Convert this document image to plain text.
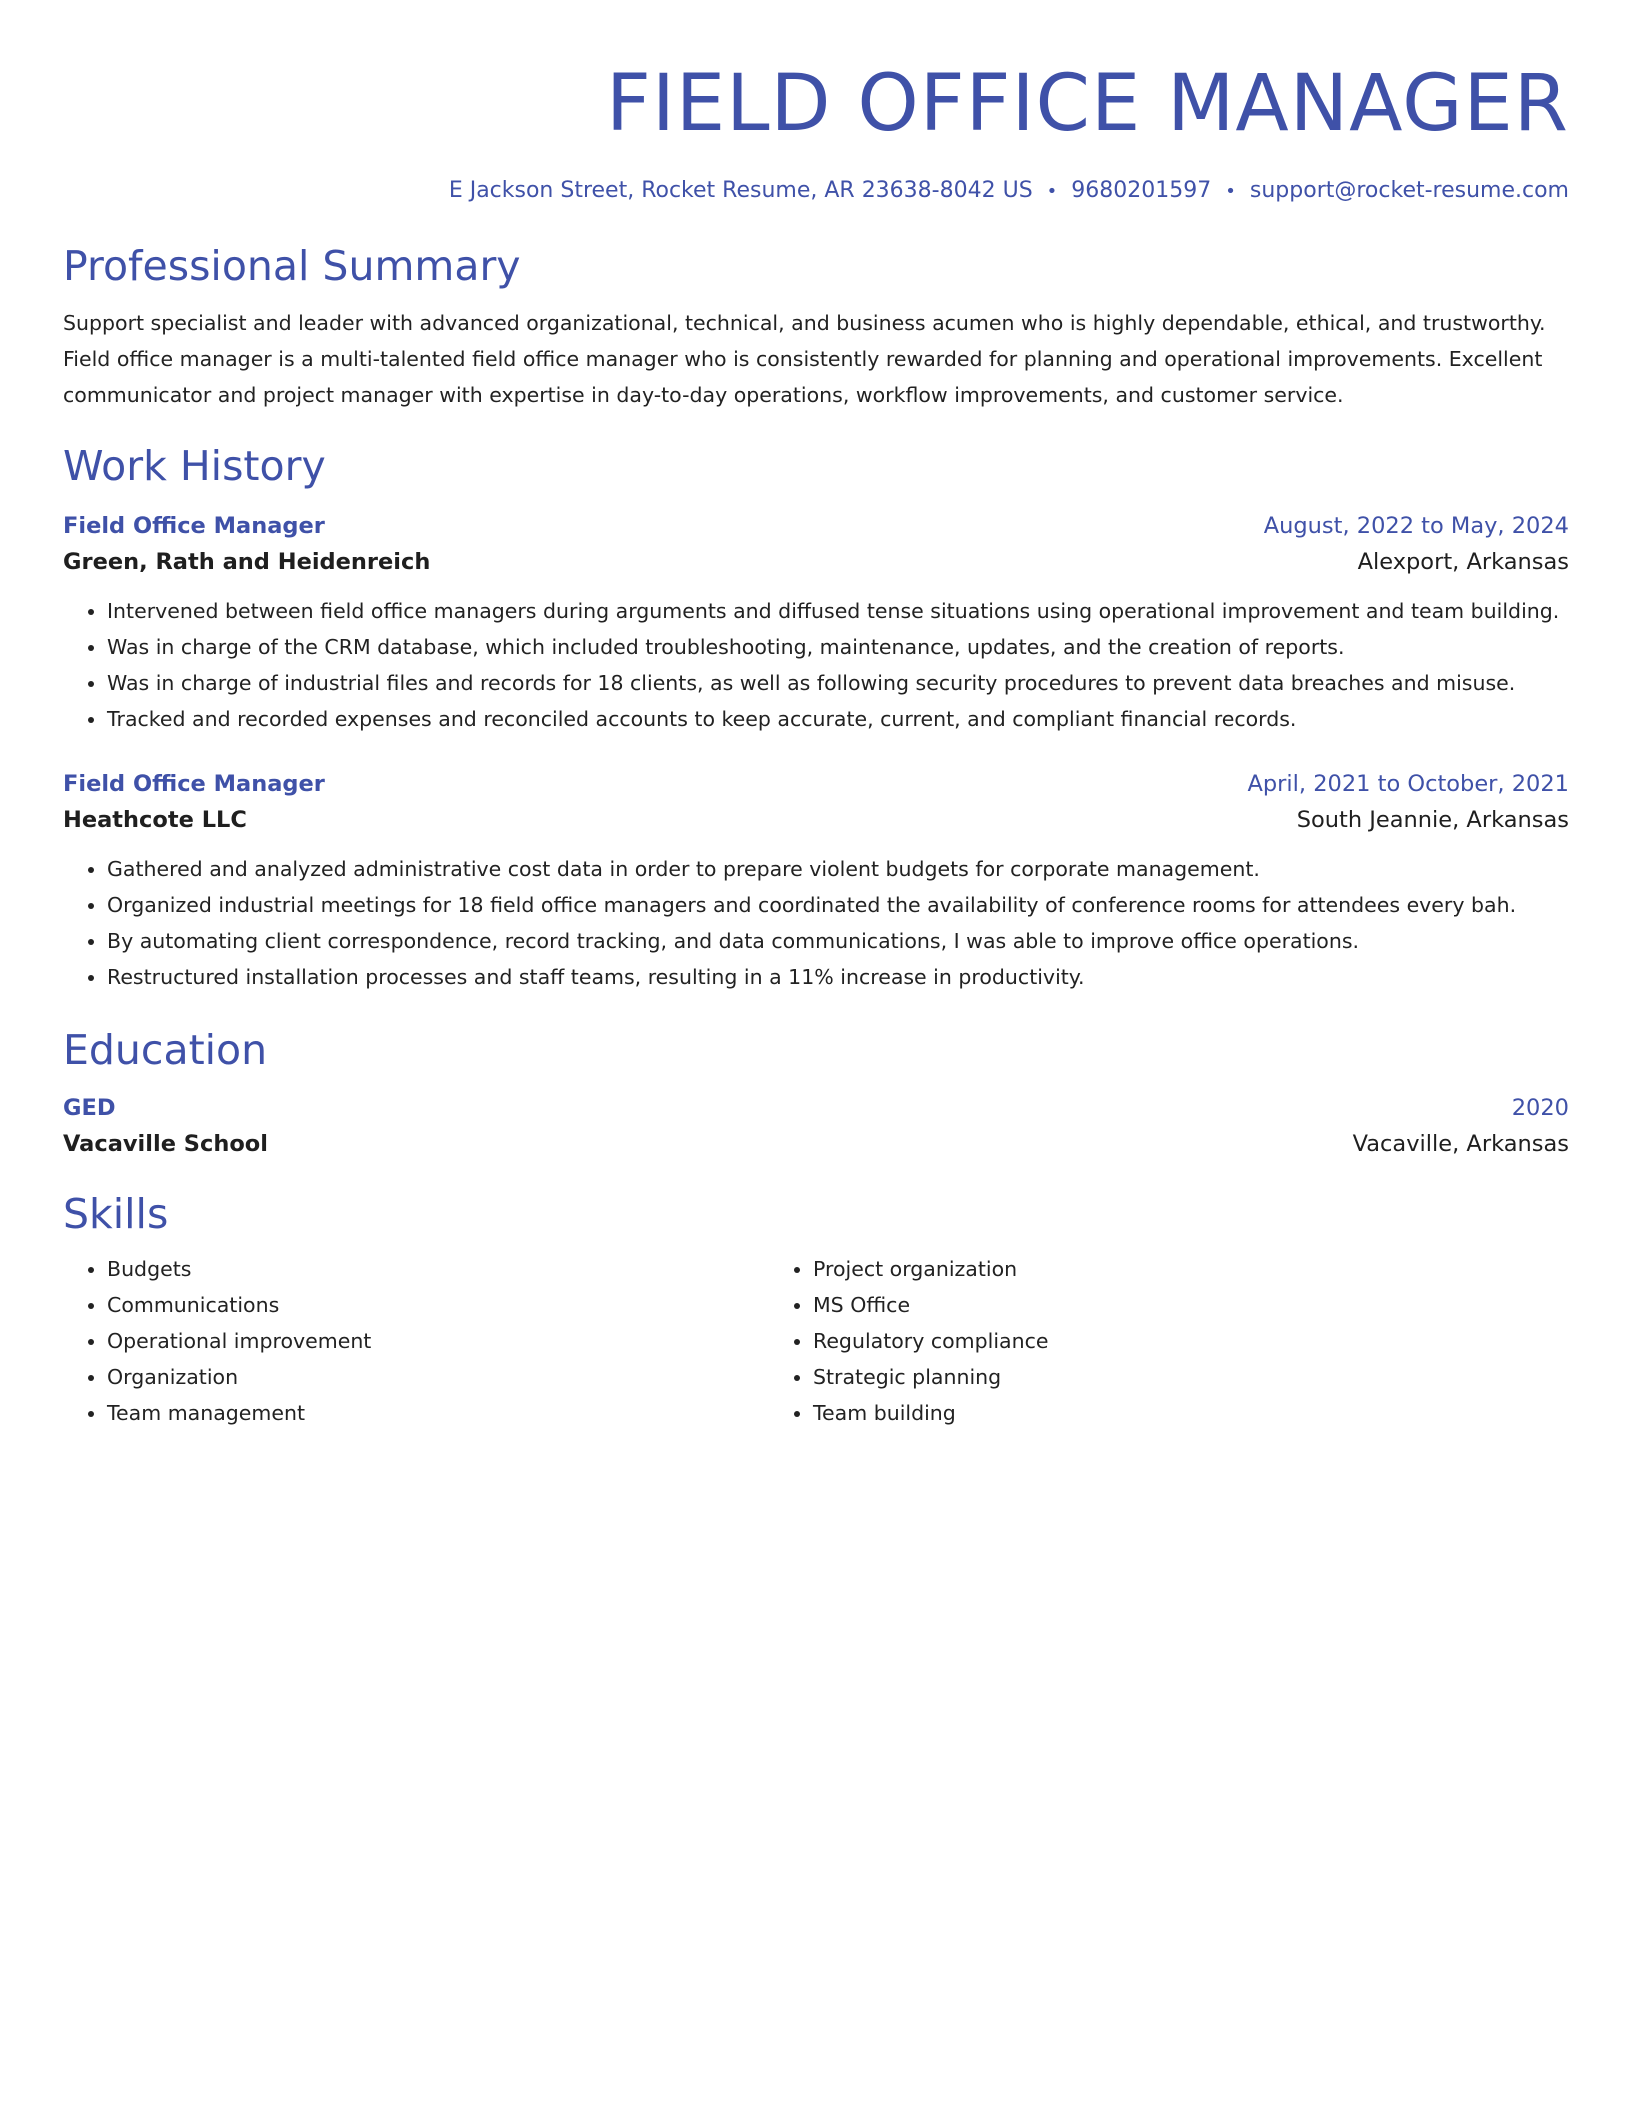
FIELD OFFICE MANAGER
E Jackson Street, Rocket Resume, AR 23638-8042 US • 9680201597 • support@rocket-resume.com
Professional Summary
Support specialist and leader with advanced organizational, technical, and business acumen who is highly dependable, ethical, and trustworthy. Field office manager is a multi-talented field office manager who is consistently rewarded for planning and operational improvements. Excellent communicator and project manager with expertise in day-to-day operations, workflow improvements, and customer service.
Work History
Field Office Manager	August, 2022 to May, 2024
Green, Rath and Heidenreich	Alexport, Arkansas
• Intervened between field office managers during arguments and diffused tense situations using operational improvement and team building.
• Was in charge of the CRM database, which included troubleshooting, maintenance, updates, and the creation of reports.
• Was in charge of industrial files and records for 18 clients, as well as following security procedures to prevent data breaches and misuse.
• Tracked and recorded expenses and reconciled accounts to keep accurate, current, and compliant financial records.
Field Office Manager	April, 2021 to October, 2021
Heathcote LLC	South Jeannie, Arkansas
• Gathered and analyzed administrative cost data in order to prepare violent budgets for corporate management.
• Organized industrial meetings for 18 field office managers and coordinated the availability of conference rooms for attendees every bah.
• By automating client correspondence, record tracking, and data communications, I was able to improve office operations.
• Restructured installation processes and staff teams, resulting in a 11% increase in productivity.
Education
GED	2020
Vacaville School	Vacaville, Arkansas
Skills
• Budgets
• Communications
• Operational improvement
• Organization
• Team management
• Project organization
• MS Office
• Regulatory compliance
• Strategic planning
• Team building
